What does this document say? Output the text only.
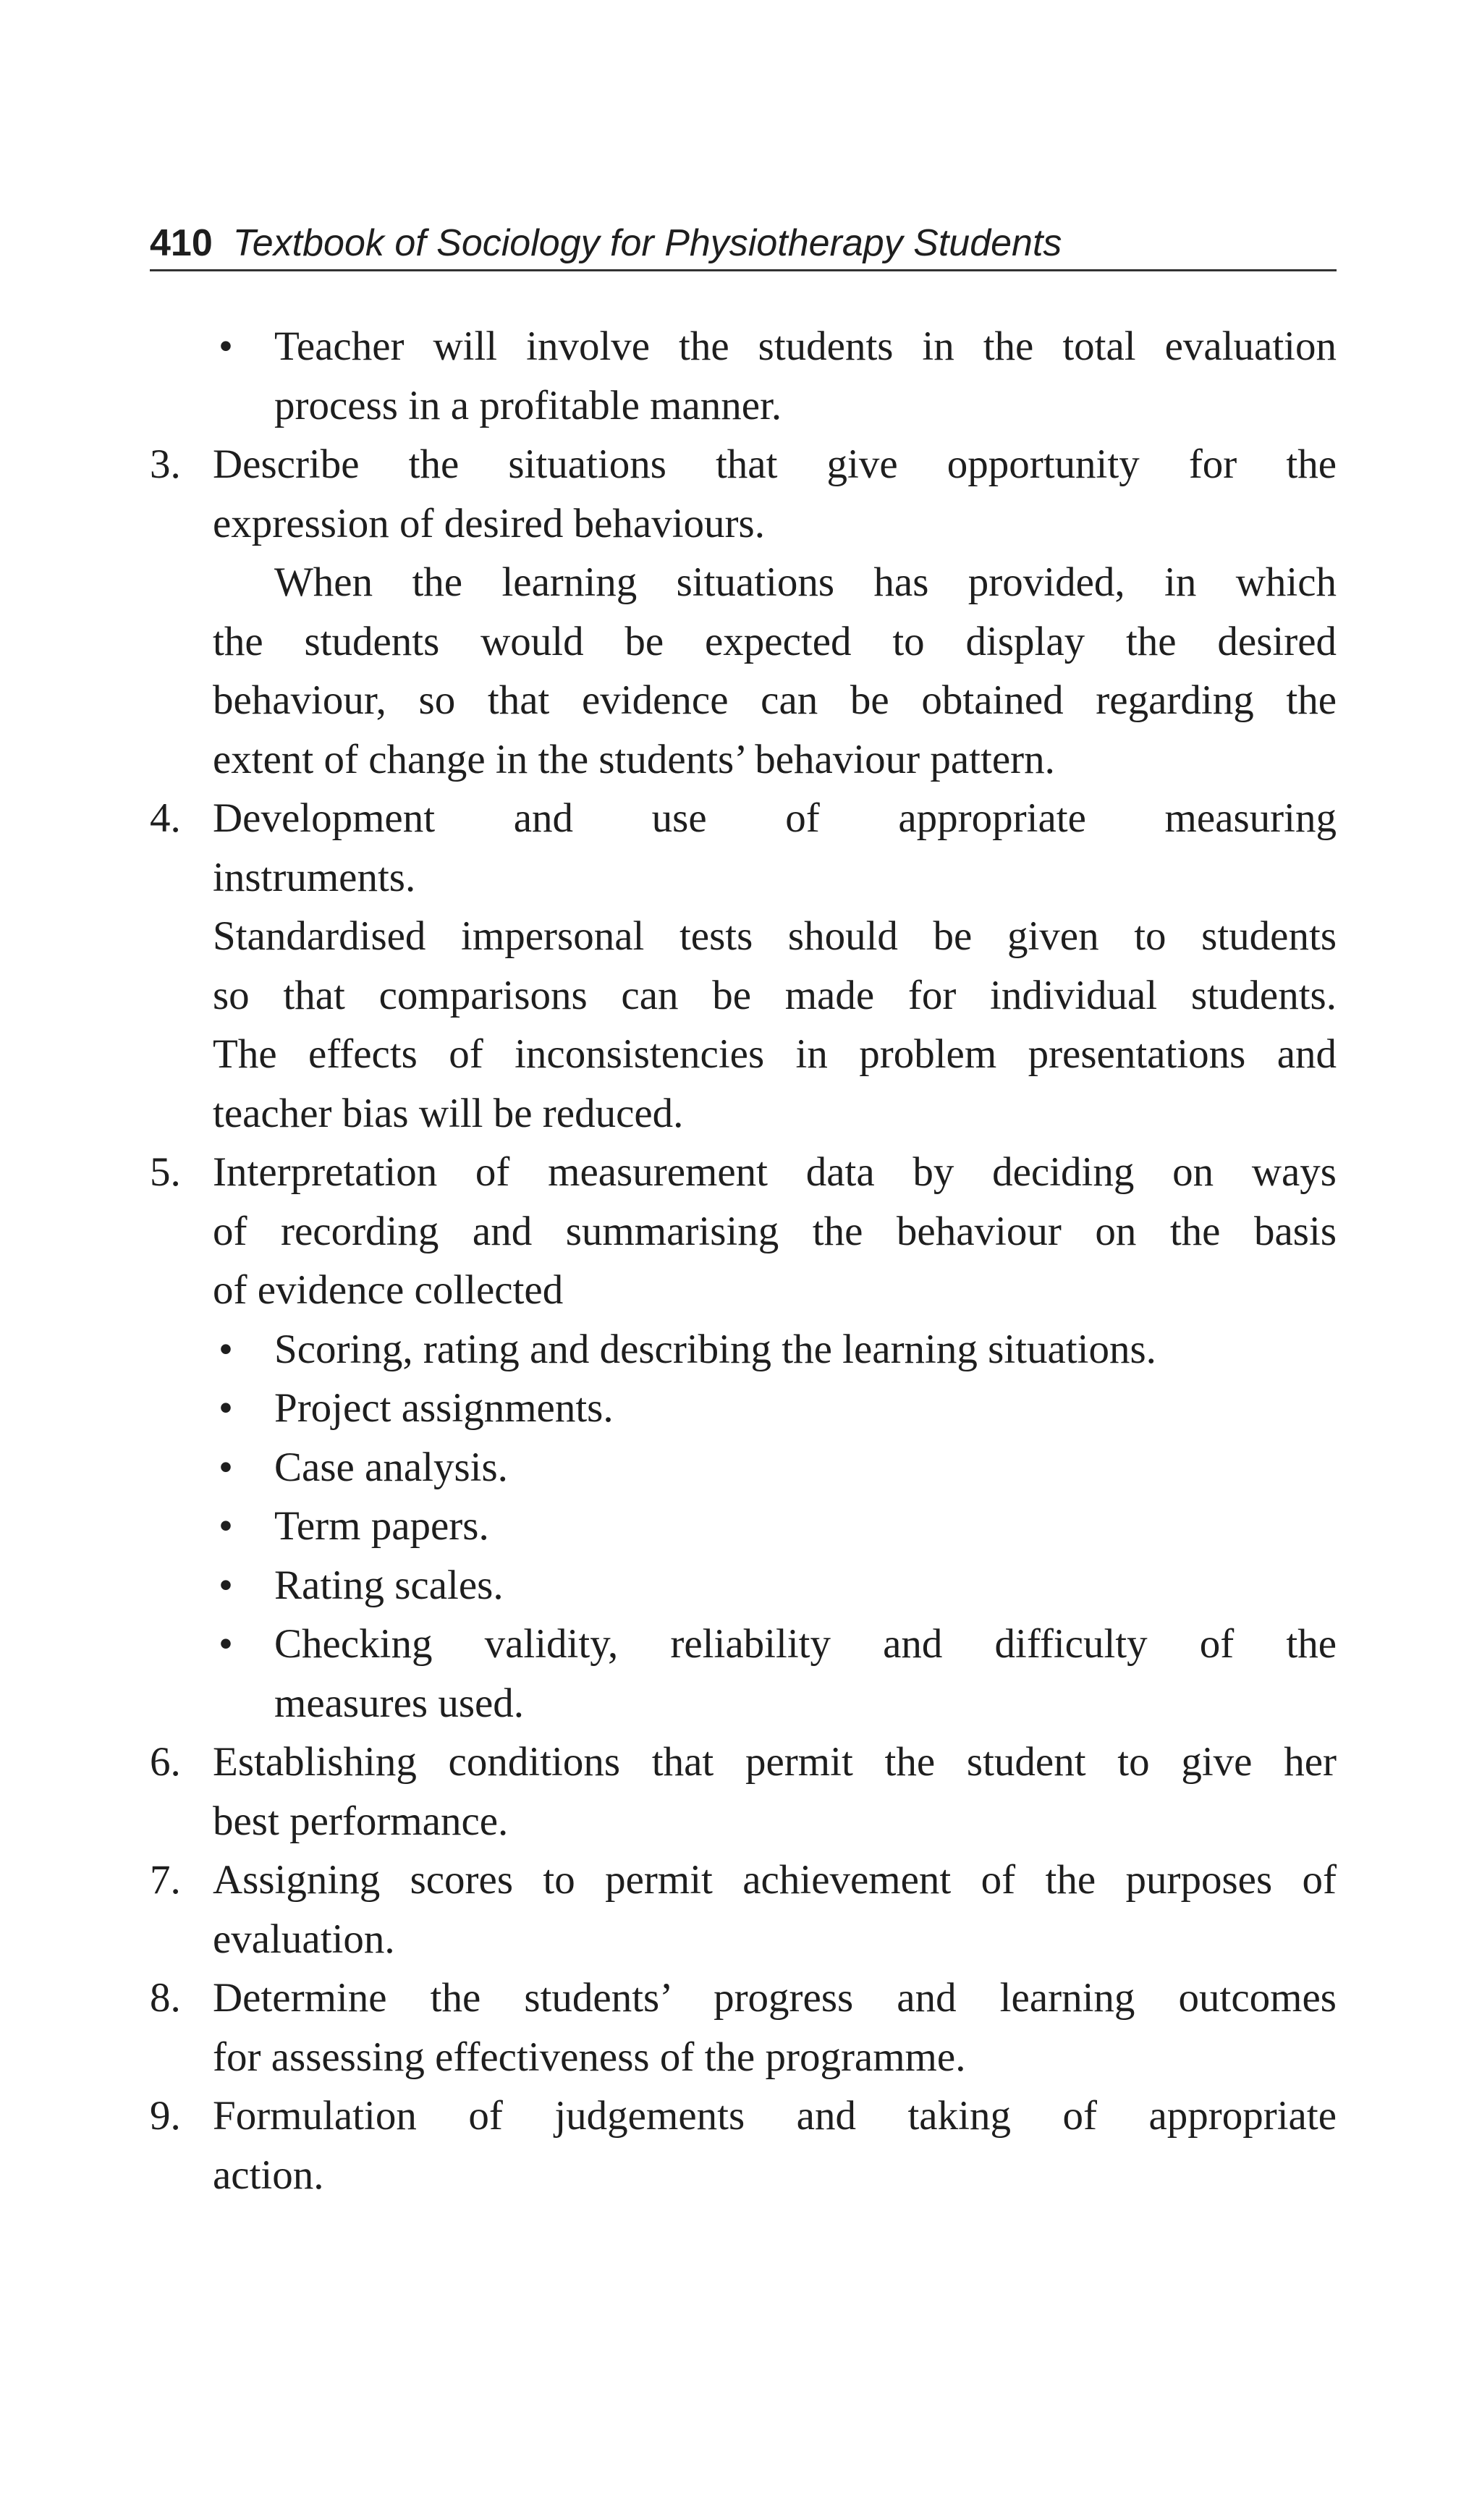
410 Textbook of Sociology for Physiotherapy Students
•	Teacher will involve the students in the total evaluation
process in a profitable manner.
3. Describe the situations that give opportunity for the
expression of desired behaviours.
When the learning situations has provided, in which
the students would be expected to display the desired
behaviour, so that evidence can be obtained regarding the
extent of change in the students’ behaviour pattern.
4. Development and use of appropriate measuring
instruments.
Standardised impersonal tests should be given to students
so that comparisons can be made for individual students.
The effects of inconsistencies in problem presentations and
teacher bias will be reduced.
5. Interpretation of measurement data by deciding on ways
of recording and summarising the behaviour on the basis
of evidence collected
•	Scoring, rating and describing the learning situations.
•	Project assignments.
•	Case analysis.
•	Term papers.
•	Rating scales.
•	Checking validity, reliability and difficulty of the
measures used.
6. Establishing conditions that permit the student to give her
best performance.
7. Assigning scores to permit achievement of the purposes of
evaluation.
8. Determine the students’ progress and learning outcomes
for assessing effectiveness of the programme.
9. Formulation of judgements and taking of appropriate
action.
